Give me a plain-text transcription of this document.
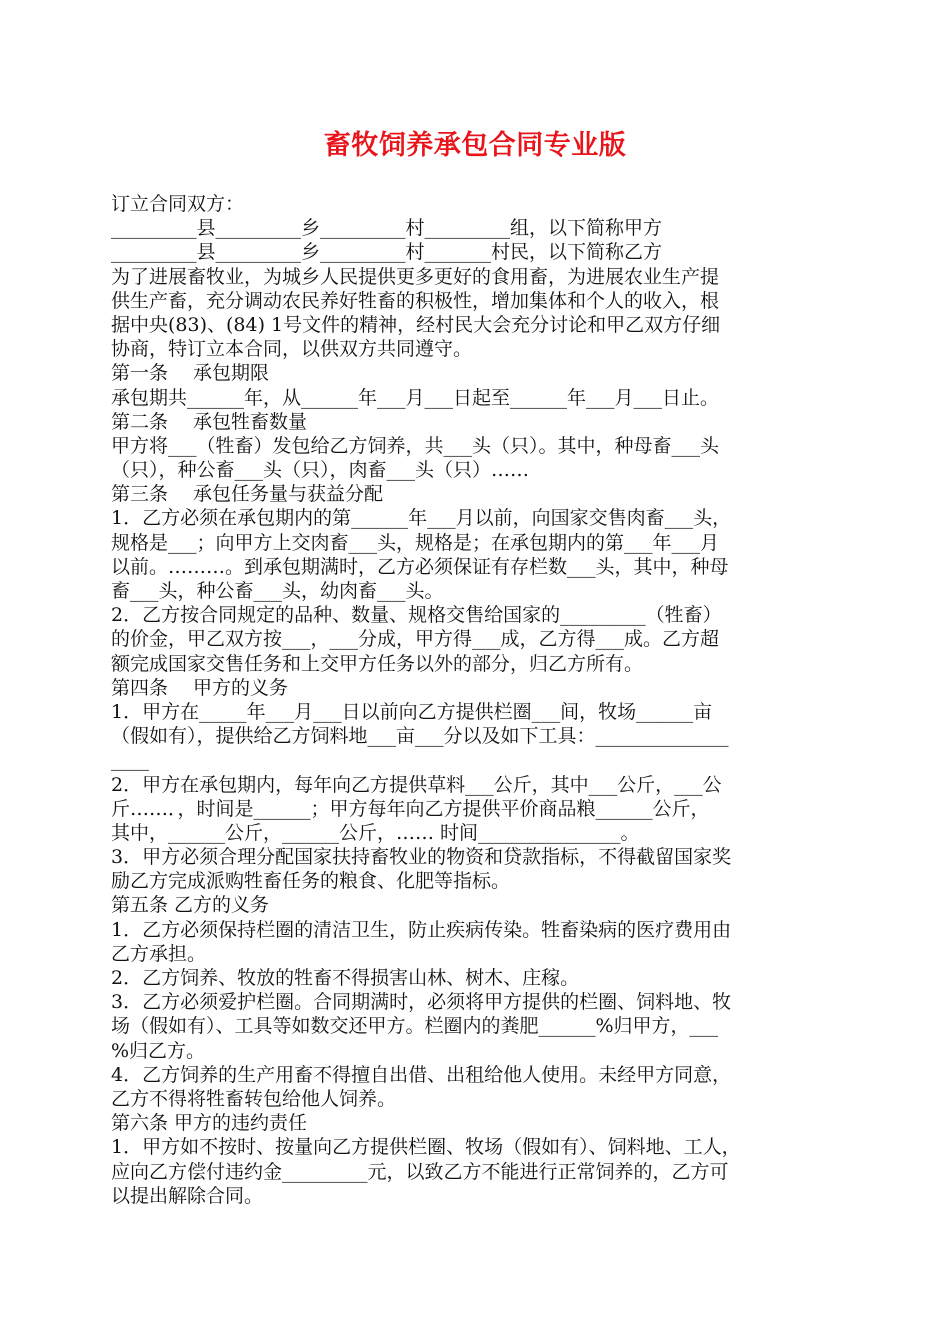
畜牧饲养承包合同专业版
订立合同双方：
_________县_________乡_________村_________组，以下简称甲方
_________县_________乡_________村_______村民，以下简称乙方
为了进展畜牧业，为城乡人民提供更多更好的食用畜，为进展农业生产提
供生产畜，充分调动农民养好牲畜的积极性，增加集体和个人的收入，根
据中央(83)、(84) 1号文件的精神，经村民大会充分讨论和甲乙双方仔细
协商，特订立本合同，以供双方共同遵守。
第一条　 承包期限
承包期共______年，从______年___月___日起至______年___月___日止。
第二条　 承包牲畜数量
甲方将___（牲畜）发包给乙方饲养，共___头（只）。其中，种母畜___头
（只），种公畜___头（只），肉畜___头（只）……
第三条　 承包任务量与获益分配
1．乙方必须在承包期内的第______年___月以前，向国家交售肉畜___头，
规格是___；向甲方上交肉畜___头，规格是；在承包期内的第___年___月
以前。………。到承包期满时，乙方必须保证有存栏数___头，其中，种母
畜___头，种公畜___头，幼肉畜___头。
2．乙方按合同规定的品种、数量、规格交售给国家的_________（牲畜）
的价金，甲乙双方按___，___分成，甲方得___成，乙方得___成。乙方超
额完成国家交售任务和上交甲方任务以外的部分，归乙方所有。
第四条　 甲方的义务
1．甲方在_____年___月___日以前向乙方提供栏圈___间，牧场______亩
（假如有），提供给乙方饲料地___亩___分以及如下工具：______________
____
2．甲方在承包期内，每年向乙方提供草料___公斤，其中___公斤，___公
斤……．，时间是______；甲方每年向乙方提供平价商品粮______公斤，
其中，______公斤，______公斤，…… 时间_______________。
3．甲方必须合理分配国家扶持畜牧业的物资和贷款指标，不得截留国家奖
励乙方完成派购牲畜任务的粮食、化肥等指标。
第五条 乙方的义务
1．乙方必须保持栏圈的清洁卫生，防止疾病传染。牲畜染病的医疗费用由
乙方承担。
2．乙方饲养、牧放的牲畜不得损害山林、树木、庄稼。
3．乙方必须爱护栏圈。合同期满时，必须将甲方提供的栏圈、饲料地、牧
场（假如有）、工具等如数交还甲方。栏圈内的粪肥______%归甲方，___
%归乙方。
4．乙方饲养的生产用畜不得擅自出借、出租给他人使用。未经甲方同意，
乙方不得将牲畜转包给他人饲养。
第六条 甲方的违约责任
1．甲方如不按时、按量向乙方提供栏圈、牧场（假如有）、饲料地、工人，
应向乙方偿付违约金_________元，以致乙方不能进行正常饲养的，乙方可
以提出解除合同。
